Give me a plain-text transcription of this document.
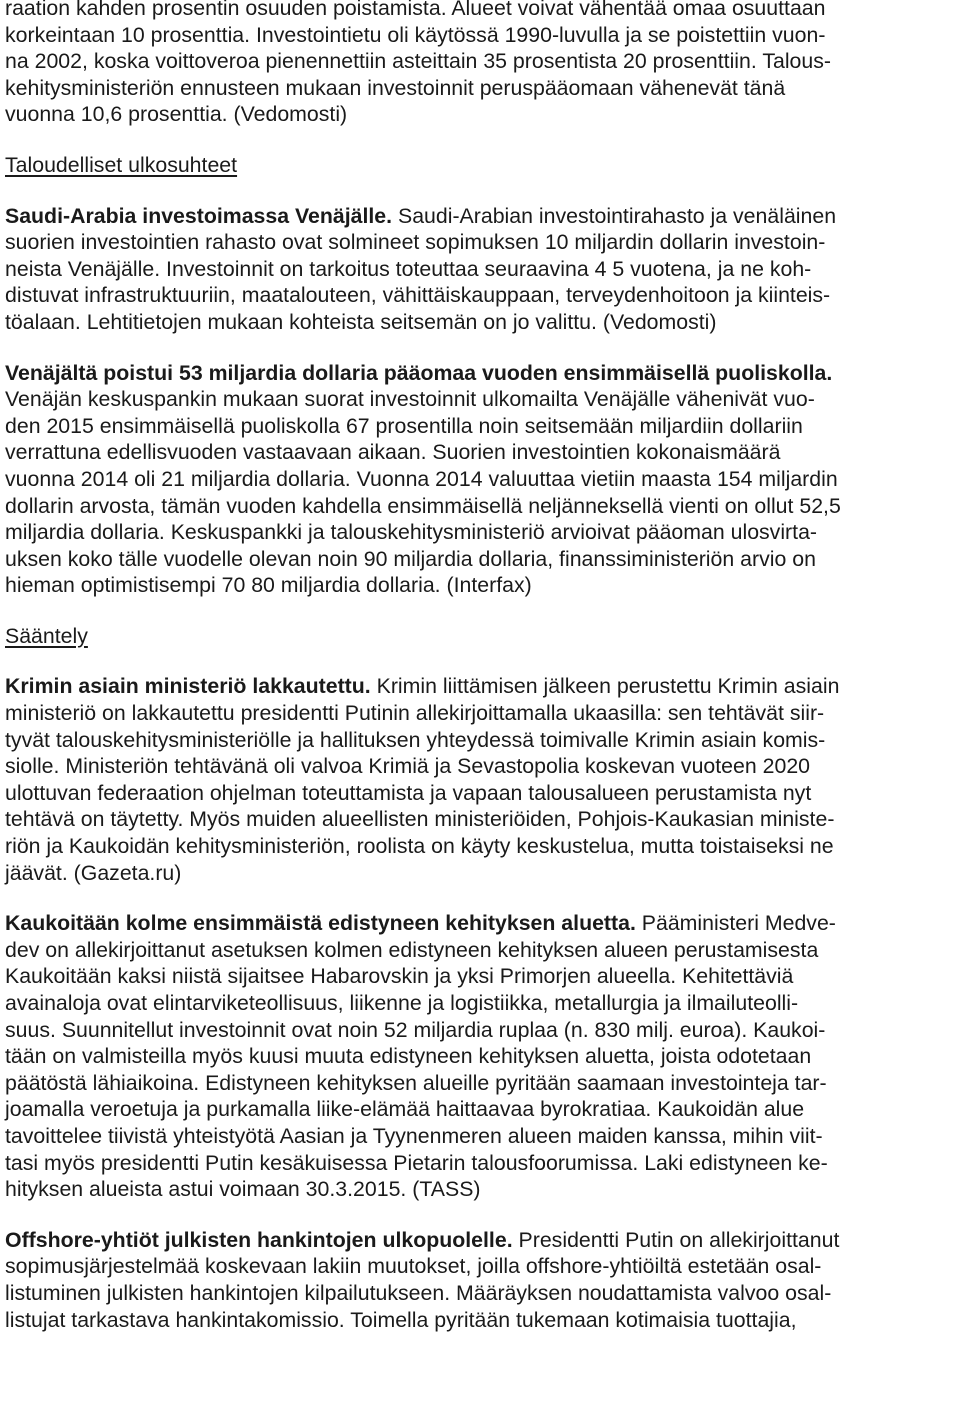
raation kahden prosentin osuuden poistamista. Alueet voivat vähentää omaa osuuttaan
korkeintaan 10 prosenttia. Investointietu oli käytössä 1990-luvulla ja se poistettiin vuon-
na 2002, koska voittoveroa pienennettiin asteittain 35 prosentista 20 prosenttiin. Talous-
kehitysministeriön ennusteen mukaan investoinnit peruspääomaan vähenevät tänä
vuonna 10,6 prosenttia. (Vedomosti)
Taloudelliset ulkosuhteet
Saudi-Arabia investoimassa Venäjälle. Saudi-Arabian investointirahasto ja venäläinen
suorien investointien rahasto ovat solmineet sopimuksen 10 miljardin dollarin investoin-
neista Venäjälle. Investoinnit on tarkoitus toteuttaa seuraavina 4 5 vuotena, ja ne koh-
distuvat infrastruktuuriin, maatalouteen, vähittäiskauppaan, terveydenhoitoon ja kiinteis-
töalaan. Lehtitietojen mukaan kohteista seitsemän on jo valittu. (Vedomosti)
Venäjältä poistui 53 miljardia dollaria pääomaa vuoden ensimmäisellä puoliskolla.
Venäjän keskuspankin mukaan suorat investoinnit ulkomailta Venäjälle vähenivät vuo-
den 2015 ensimmäisellä puoliskolla 67 prosentilla noin seitsemään miljardiin dollariin
verrattuna edellisvuoden vastaavaan aikaan. Suorien investointien kokonaismäärä
vuonna 2014 oli 21 miljardia dollaria. Vuonna 2014 valuuttaa vietiin maasta 154 miljardin
dollarin arvosta, tämän vuoden kahdella ensimmäisellä neljänneksellä vienti on ollut 52,5
miljardia dollaria. Keskuspankki ja talouskehitysministeriö arvioivat pääoman ulosvirta-
uksen koko tälle vuodelle olevan noin 90 miljardia dollaria, finanssiministeriön arvio on
hieman optimistisempi 70 80 miljardia dollaria. (Interfax)
Sääntely
Krimin asiain ministeriö lakkautettu. Krimin liittämisen jälkeen perustettu Krimin asiain
ministeriö on lakkautettu presidentti Putinin allekirjoittamalla ukaasilla: sen tehtävät siir-
tyvät talouskehitysministeriölle ja hallituksen yhteydessä toimivalle Krimin asiain komis-
siolle. Ministeriön tehtävänä oli valvoa Krimiä ja Sevastopolia koskevan vuoteen 2020
ulottuvan federaation ohjelman toteuttamista ja vapaan talousalueen perustamista nyt
tehtävä on täytetty. Myös muiden alueellisten ministeriöiden, Pohjois-Kaukasian ministe-
riön ja Kaukoidän kehitysministeriön, roolista on käyty keskustelua, mutta toistaiseksi ne
jäävät. (Gazeta.ru)
Kaukoitään kolme ensimmäistä edistyneen kehityksen aluetta. Pääministeri Medve-
dev on allekirjoittanut asetuksen kolmen edistyneen kehityksen alueen perustamisesta
Kaukoitään kaksi niistä sijaitsee Habarovskin ja yksi Primorjen alueella. Kehitettäviä
avainaloja ovat elintarviketeollisuus, liikenne ja logistiikka, metallurgia ja ilmailuteolli-
suus. Suunnitellut investoinnit ovat noin 52 miljardia ruplaa (n. 830 milj. euroa). Kaukoi-
tään on valmisteilla myös kuusi muuta edistyneen kehityksen aluetta, joista odotetaan
päätöstä lähiaikoina. Edistyneen kehityksen alueille pyritään saamaan investointeja tar-
joamalla veroetuja ja purkamalla liike-elämää haittaavaa byrokratiaa. Kaukoidän alue
tavoittelee tiivistä yhteistyötä Aasian ja Tyynenmeren alueen maiden kanssa, mihin viit-
tasi myös presidentti Putin kesäkuisessa Pietarin talousfoorumissa. Laki edistyneen ke-
hityksen alueista astui voimaan 30.3.2015. (TASS)
Offshore-yhtiöt julkisten hankintojen ulkopuolelle. Presidentti Putin on allekirjoittanut
sopimusjärjestelmää koskevaan lakiin muutokset, joilla offshore-yhtiöiltä estetään osal-
listuminen julkisten hankintojen kilpailutukseen. Määräyksen noudattamista valvoo osal-
listujat tarkastava hankintakomissio. Toimella pyritään tukemaan kotimaisia tuottajia,
